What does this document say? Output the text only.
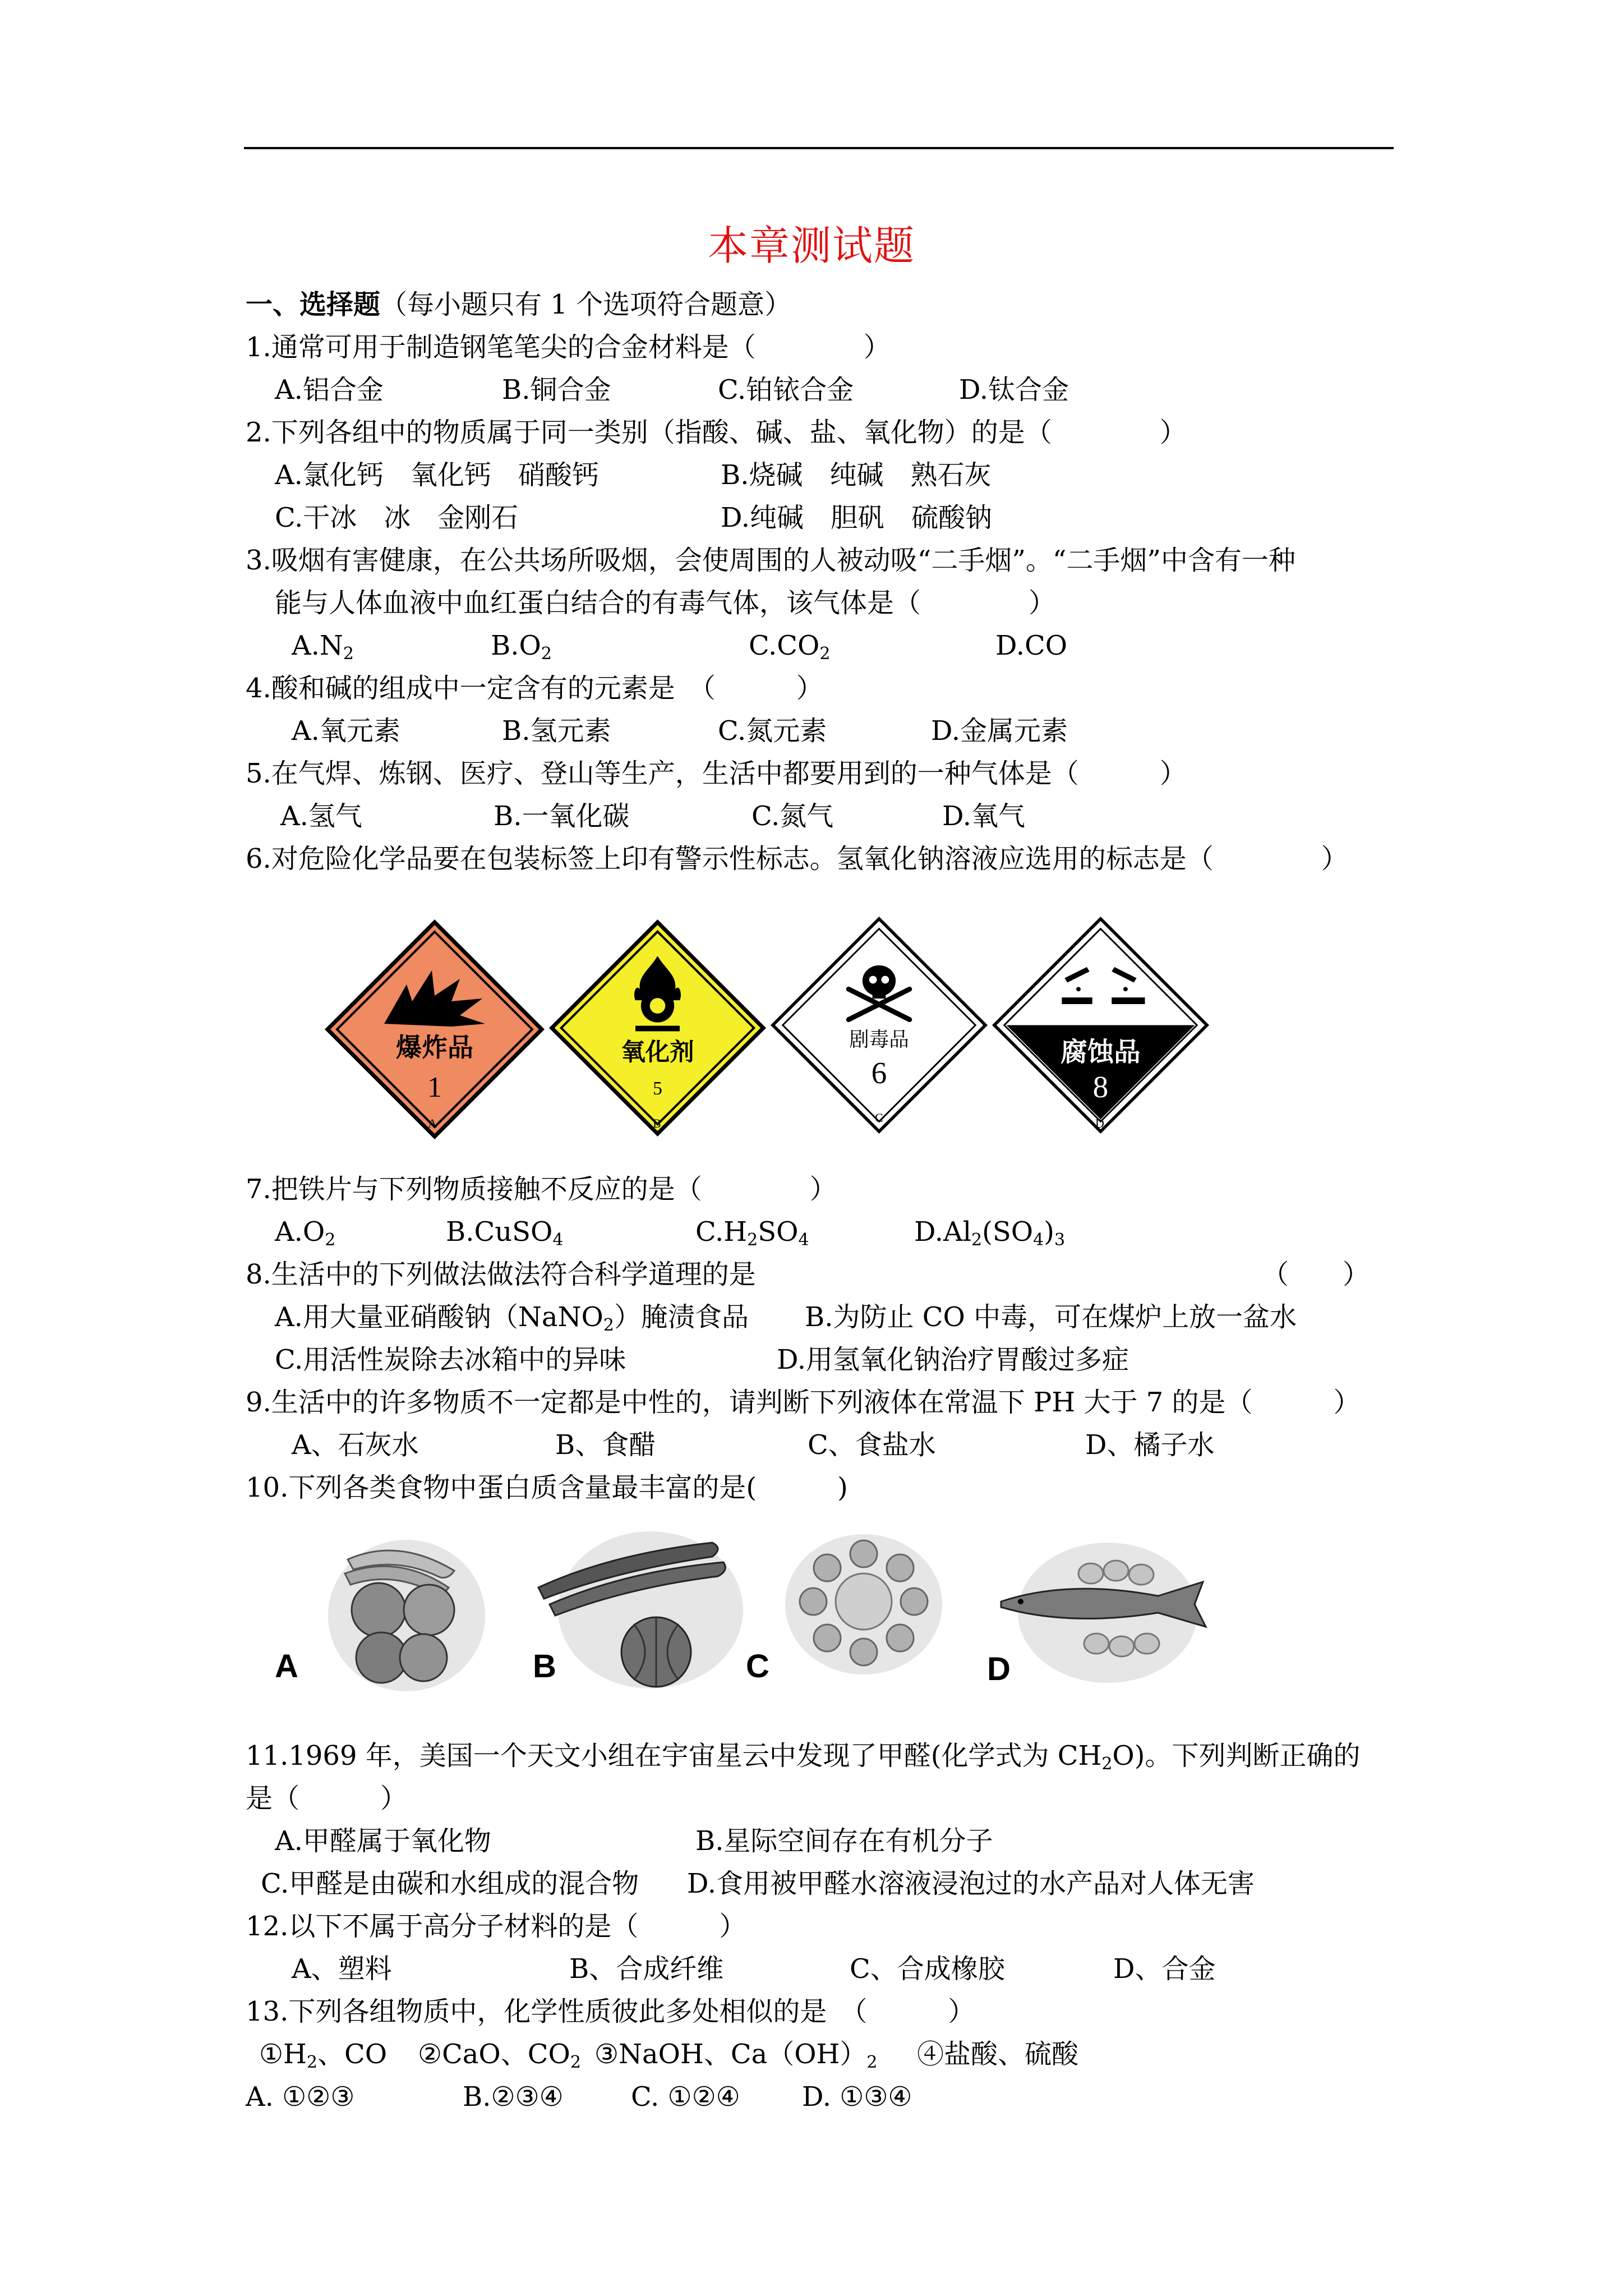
本章测试题
一、选择题（每小题只有 1 个选项符合题意）
1.通常可用于制造钢笔笔尖的合金材料是（　　　　）
A.铝合金	B.铜合金	C.铂铱合金	D.钛合金
2.下列各组中的物质属于同一类别（指酸、碱、盐、氧化物）的是（　　　　）
A.氯化钙　氧化钙　硝酸钙	B.烧碱　纯碱　熟石灰
C.干冰　冰　金刚石	D.纯碱　胆矾　硫酸钠
3.吸烟有害健康，在公共场所吸烟，会使周围的人被动吸“二手烟”。“二手烟”中含有一种
能与人体血液中血红蛋白结合的有毒气体，该气体是（　　　　）
$A.N_2$	$B.O_2$	$C.CO_2$	D.CO
4.酸和碱的组成中一定含有的元素是　（　　　）
A.氧元素	B.氢元素	C.氮元素	D.金属元素
5.在气焊、炼钢、医疗、登山等生产，生活中都要用到的一种气体是（　　　）
A.氢气	B.一氧化碳	C.氮气	D.氧气
6.对危险化学品要在包装标签上印有警示性标志。氢氧化钠溶液应选用的标志是（　　　　）
爆炸品
1
A
氧化剂
5
B
剧毒品
6
C
腐蚀品
8
D
7.把铁片与下列物质接触不反应的是（　　　　）
$A.O_2$	B.CuSO$_4$	$C.H_2SO_4$	$D.Al_2(SO_4)_3$
8.生活中的下列做法做法符合科学道理的是	（　　）
A.用大量亚硝酸钠（NaNO$_2$）腌渍食品 B.为防止 CO 中毒，可在煤炉上放一盆水
C.用活性炭除去冰箱中的异味	D.用氢氧化钠治疗胃酸过多症
9.生活中的许多物质不一定都是中性的，请判断下列液体在常温下 PH 大于 7 的是（　　　）
A、石灰水	B、食醋	C、食盐水	D、橘子水
10.下列各类食物中蛋白质含量最丰富的是(　　　)
A	B	C	D
11.1969 年，美国一个天文小组在宇宙星云中发现了甲醛(化学式为 $CH_2O$)。下列判断正确的
是（　　　）
A.甲醛属于氧化物	B.星际空间存在有机分子
C.甲醛是由碳和水组成的混合物 D.食用被甲醛水溶液浸泡过的水产品对人体无害
12.以下不属于高分子材料的是（　　　）
A、塑料	B、合成纤维	C、合成橡胶	D、合金
13.下列各组物质中，化学性质彼此多处相似的是　（　　　）
$①H_2$、CO ②CaO、$CO_2$ ③NaOH、$Ca(OH)_2$ ④盐酸、硫酸
A. ①②③	B.②③④	C. ①②④ D. ①③④
